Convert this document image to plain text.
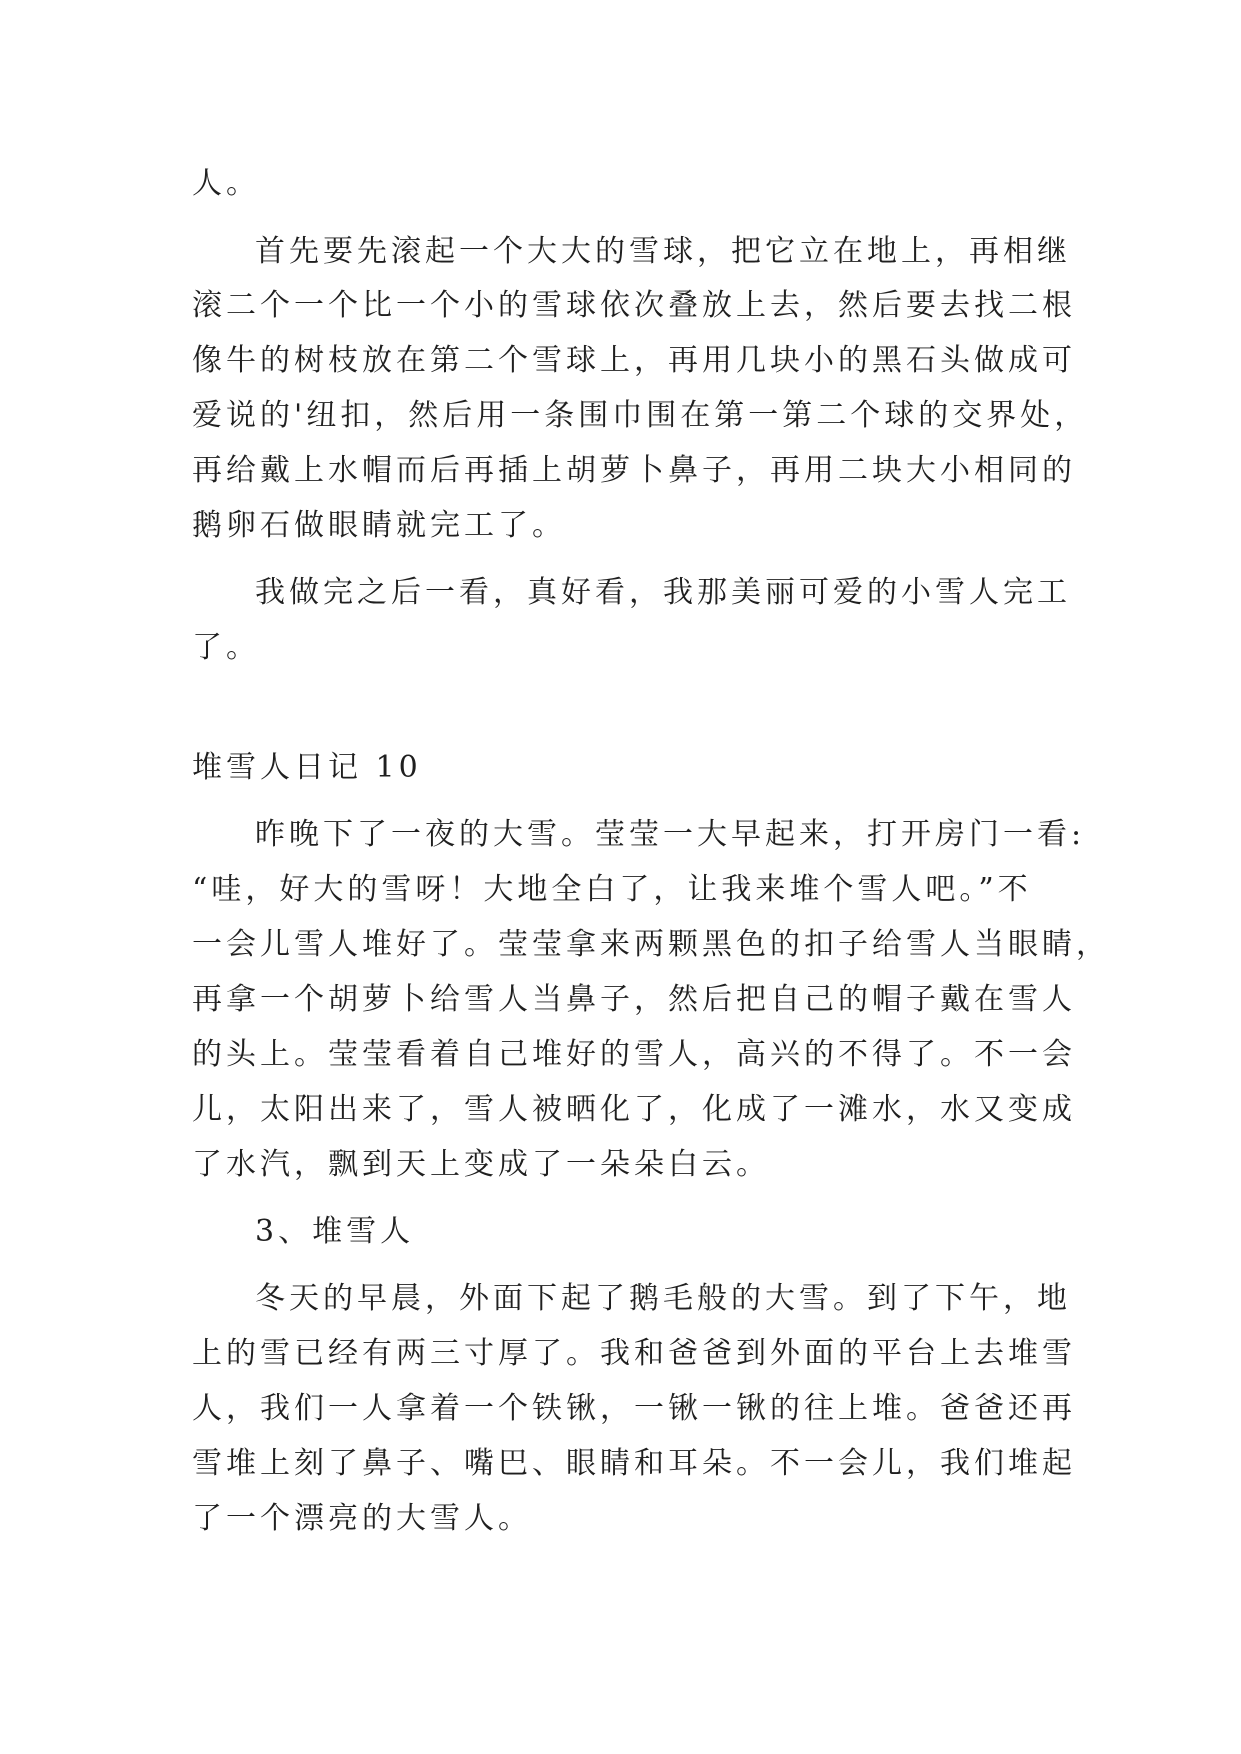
人。

首先要先滚起一个大大的雪球，把它立在地上，再相继

滚二个一个比一个小的雪球依次叠放上去，然后要去找二根

像牛的树枝放在第二个雪球上，再用几块小的黑石头做成可

爱说的'纽扣，然后用一条围巾围在第一第二个球的交界处，

再给戴上水帽而后再插上胡萝卜鼻子，再用二块大小相同的

鹅卵石做眼睛就完工了。

我做完之后一看，真好看，我那美丽可爱的小雪人完工

了。

堆雪人日记 10

昨晚下了一夜的大雪。莹莹一大早起来，打开房门一看:

“哇，好大的雪呀！大地全白了，让我来堆个雪人吧。”不

一会儿雪人堆好了。莹莹拿来两颗黑色的扣子给雪人当眼睛，

再拿一个胡萝卜给雪人当鼻子，然后把自己的帽子戴在雪人

的头上。莹莹看着自己堆好的雪人，高兴的不得了。不一会

儿，太阳出来了，雪人被晒化了，化成了一滩水，水又变成

了水汽，飘到天上变成了一朵朵白云。

3、堆雪人

冬天的早晨，外面下起了鹅毛般的大雪。到了下午，地

上的雪已经有两三寸厚了。我和爸爸到外面的平台上去堆雪

人，我们一人拿着一个铁锹，一锹一锹的往上堆。爸爸还再

雪堆上刻了鼻子、嘴巴、眼睛和耳朵。不一会儿，我们堆起

了一个漂亮的大雪人。
